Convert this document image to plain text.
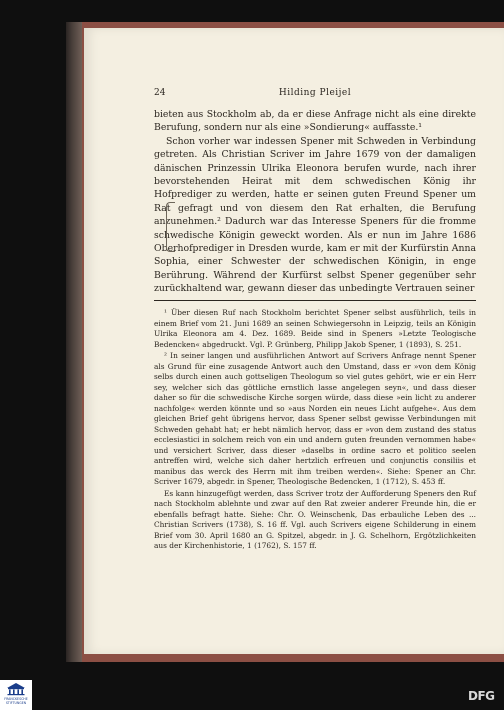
24	Hilding Pleijel

bieten aus Stockholm ab, da er diese Anfrage nicht als eine direkte Berufung, sondern nur als eine »Sondierung« auffasste.¹

Schon vorher war indessen Spener mit Schweden in Verbindung getreten. Als Christian Scriver im Jahre 1679 von der damaligen dänischen Prinzessin Ulrika Eleonora berufen wurde, nach ihrer bevorstehenden Heirat mit dem schwedischen König ihr Hofprediger zu werden, hatte er seinen guten Freund Spener um Rat gefragt und von diesem den Rat erhalten, die Berufung anzunehmen.² Dadurch war das Interesse Speners für die fromme schwedische Königin geweckt worden. Als er nun im Jahre 1686 Oberhofprediger in Dresden wurde, kam er mit der Kurfürstin Anna Sophia, einer Schwester der schwedischen Königin, in enge Berührung. Während der Kurfürst selbst Spener gegenüber sehr zurückhaltend war, gewann dieser das unbedingte Vertrauen seiner

¹ Über diesen Ruf nach Stockholm berichtet Spener selbst ausführlich, teils in einem Brief vom 21. Juni 1689 an seinen Schwiegersohn in Leipzig, teils an Königin Ulrika Eleonora am 4. Dez. 1689. Beide sind in Speners »Letzte Teologische Bedencken« abgedruckt. Vgl. P. Grünberg, Philipp Jakob Spener, 1 (1893), S. 251.

² In seiner langen und ausführlichen Antwort auf Scrivers Anfrage nennt Spener als Grund für eine zusagende Antwort auch den Umstand, dass er »von dem König selbs durch einen auch gottseligen Theologum so viel gutes gehört, wie er ein Herr sey, welcher sich das göttliche ernstlich lasse angelegen seyn«, und dass dieser daher so für die schwedische Kirche sorgen würde, dass diese »ein licht zu anderer nachfolge« werden könnte und so »aus Norden ein neues Licht aufgehe«. Aus dem gleichen Brief geht übrigens hervor, dass Spener selbst gewisse Verbindungen mit Schweden gehabt hat; er hebt nämlich hervor, dass er »von dem zustand des status ecclesiastici in solchem reich von ein und andern guten freunden vernommen habe« und versichert Scriver, dass dieser »daselbs in ordine sacro et politico seelen antreffen wird, welche sich daher hertzlich erfreuen und conjunctis consiliis et manibus das werck des Herrn mit ihm treiben werden«. Siehe: Spener an Chr. Scriver 1679, abgedr. in Spener, Theologische Bedencken, 1 (1712), S. 453 ff.

Es kann hinzugefügt werden, dass Scriver trotz der Aufforderung Speners den Ruf nach Stockholm ablehnte und zwar auf den Rat zweier anderer Freunde hin, die er ebenfalls befragt hatte. Siehe: Chr. O. Weinschenk, Das erbauliche Leben des ... Christian Scrivers (1738), S. 16 ff. Vgl. auch Scrivers eigene Schilderung in einem Brief vom 30. April 1680 an G. Spitzel, abgedr. in J. G. Schelhorn, Ergötzlichkeiten aus der Kirchenhistorie, 1 (1762), S. 157 ff.

FRANCKESCHE STIFTUNGEN	DFG
